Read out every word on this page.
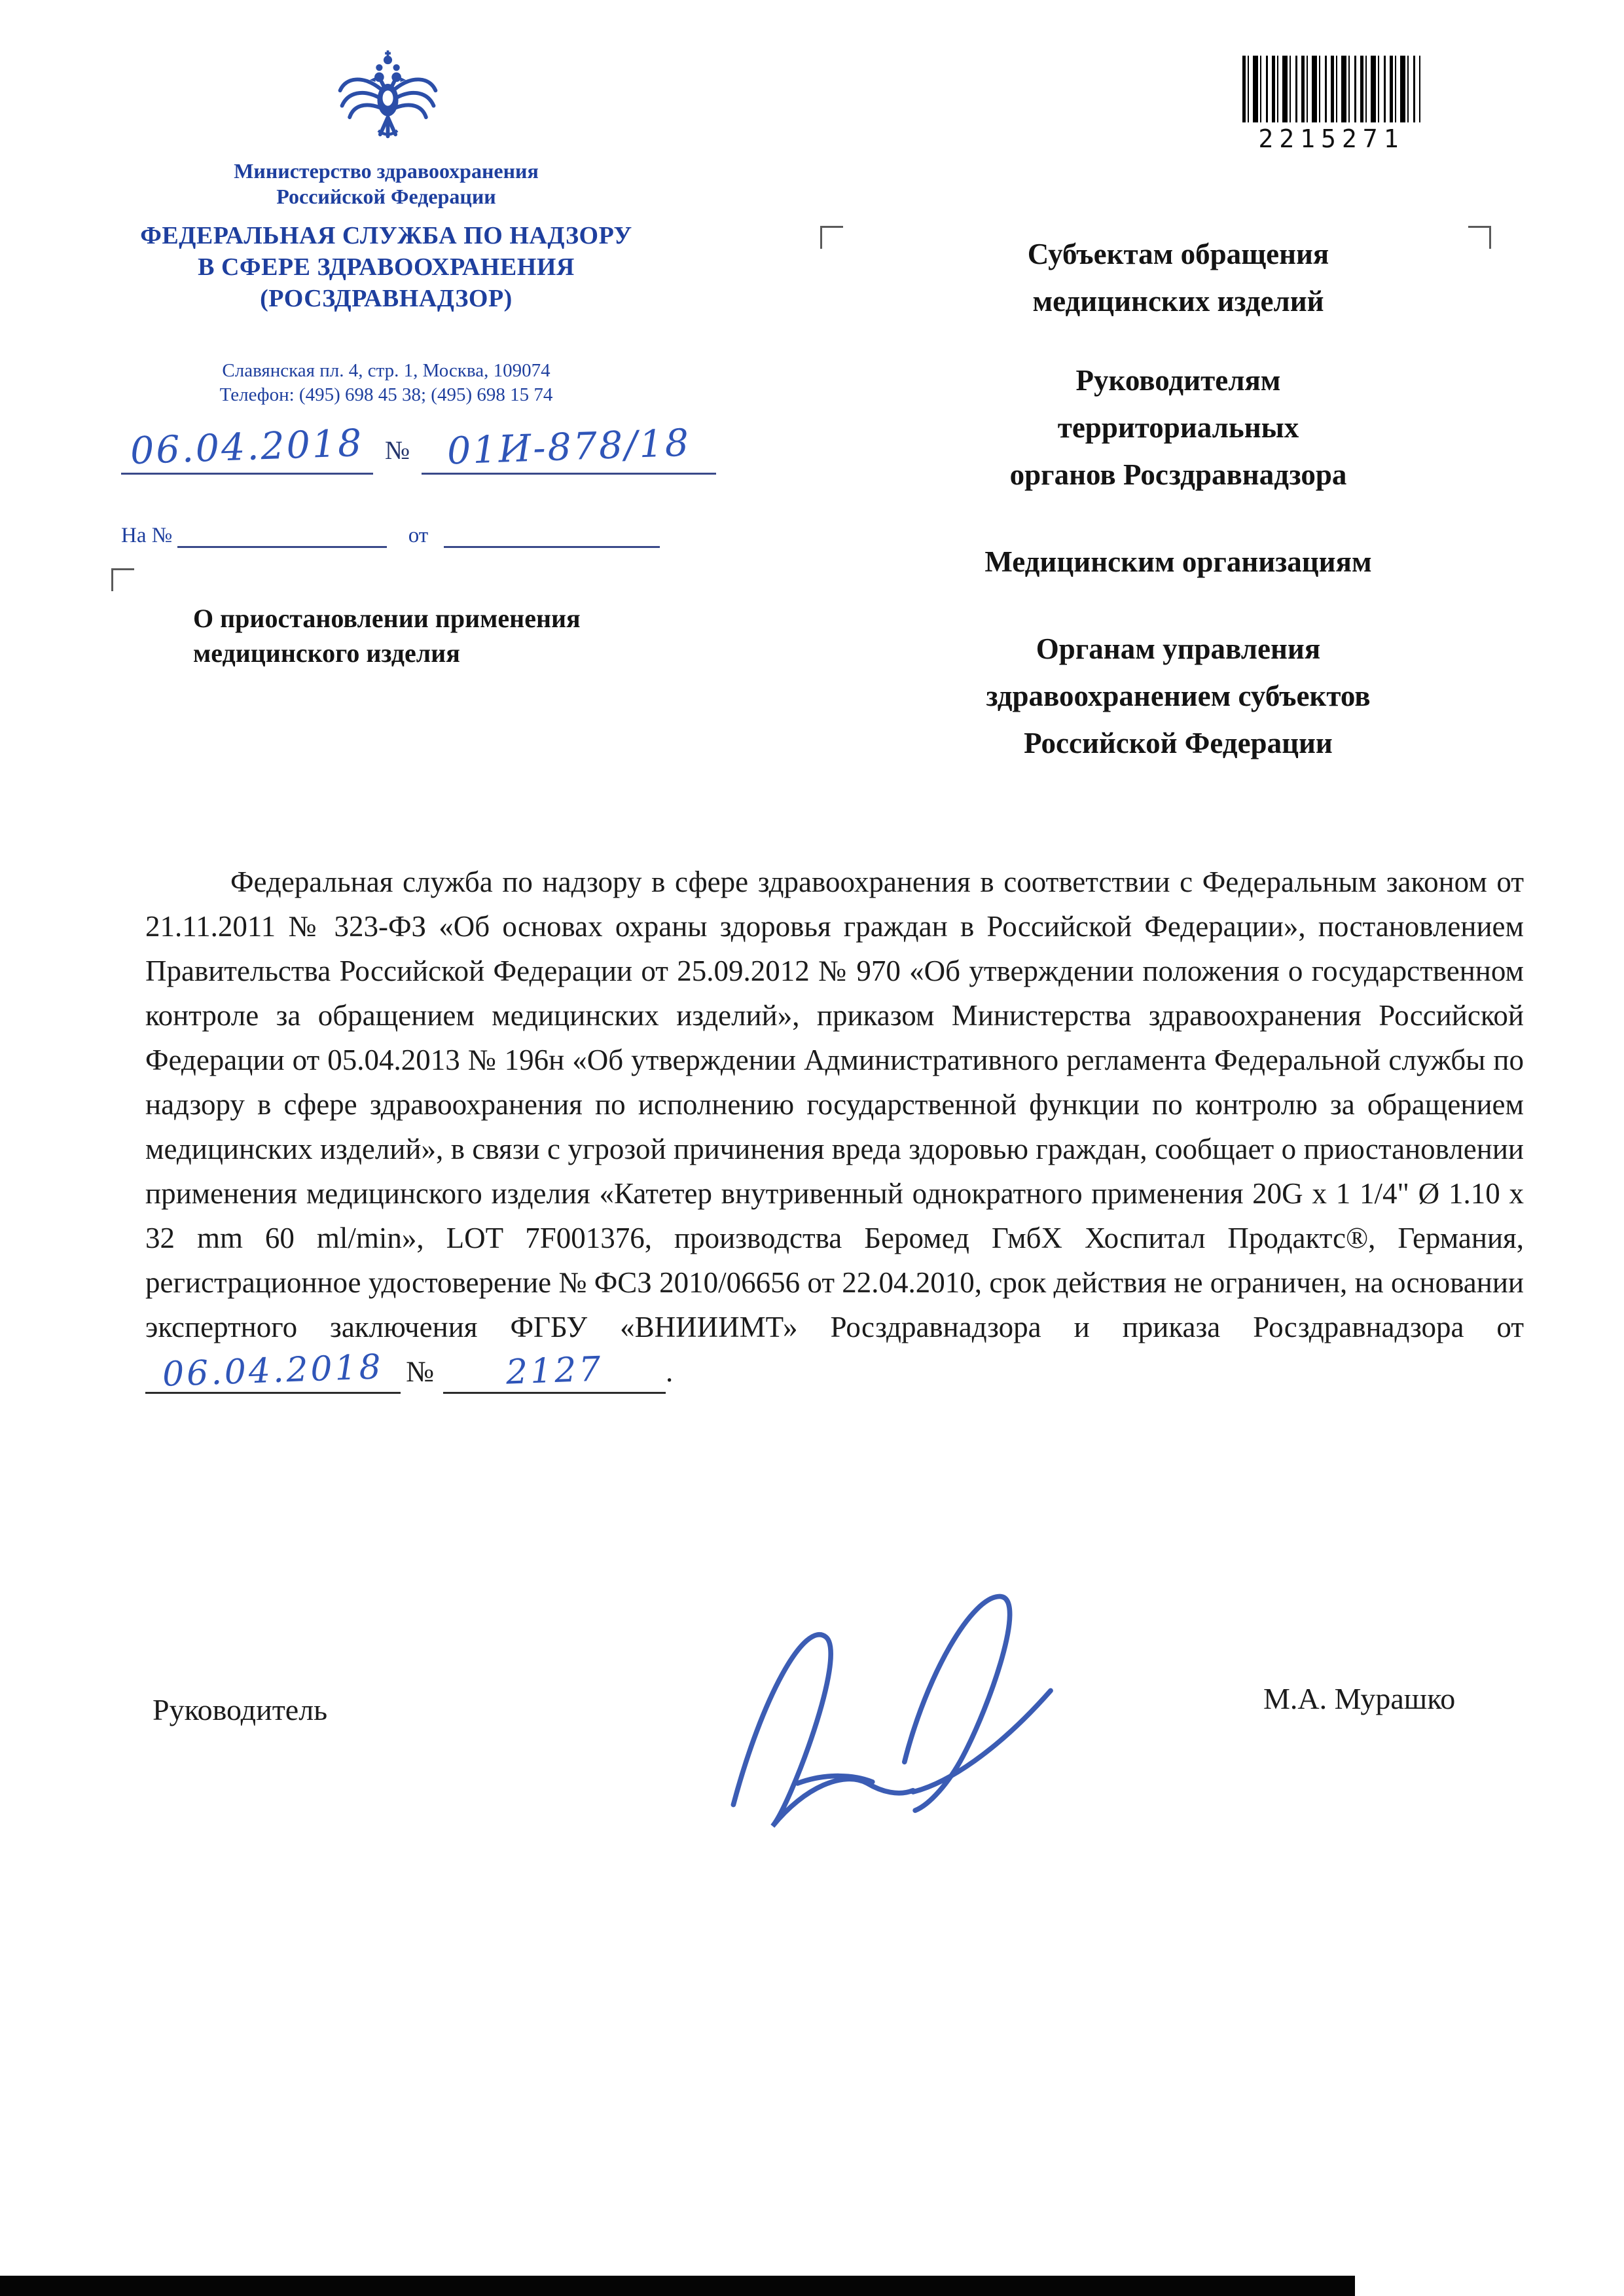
Министерство здравоохранения
Российской Федерации
ФЕДЕРАЛЬНАЯ СЛУЖБА ПО НАДЗОРУ
В СФЕРЕ ЗДРАВООХРАНЕНИЯ
(РОСЗДРАВНАДЗОР)
Славянская пл. 4, стр. 1, Москва, 109074
Телефон: (495) 698 45 38; (495) 698 15 74
06.04.2018 № 01И-878/18
На №	от
О приостановлении применения
медицинского изделия
2215271
Субъектам обращения
медицинских изделий
Руководителям
территориальных
органов Росздравнадзора
Медицинским организациям
Органам управления
здравоохранением субъектов
Российской Федерации

Федеральная служба по надзору в сфере здравоохранения в соответствии с Федеральным законом от 21.11.2011 № 323-ФЗ «Об основах охраны здоровья граждан в Российской Федерации», постановлением Правительства Российской Федерации от 25.09.2012 № 970 «Об утверждении положения о государственном контроле за обращением медицинских изделий», приказом Министерства здравоохранения Российской Федерации от 05.04.2013 № 196н «Об утверждении Административного регламента Федеральной службы по надзору в сфере здравоохранения по исполнению государственной функции по контролю за обращением медицинских изделий», в связи с угрозой причинения вреда здоровью граждан, сообщает о приостановлении применения медицинского изделия «Катетер внутривенный однократного применения 20G x 1 1/4" Ø 1.10 x 32 mm 60 ml/min», LOT 7F001376, производства Беромед ГмбХ Хоспитал Продактс®, Германия, регистрационное удостоверение № ФСЗ 2010/06656 от 22.04.2010, срок действия не ограничен, на основании экспертного заключения ФГБУ «ВНИИИМТ» Росздравнадзора и приказа Росздравнадзора от 06.04.2018 № 2127 .

Руководитель	М.А. Мурашко
